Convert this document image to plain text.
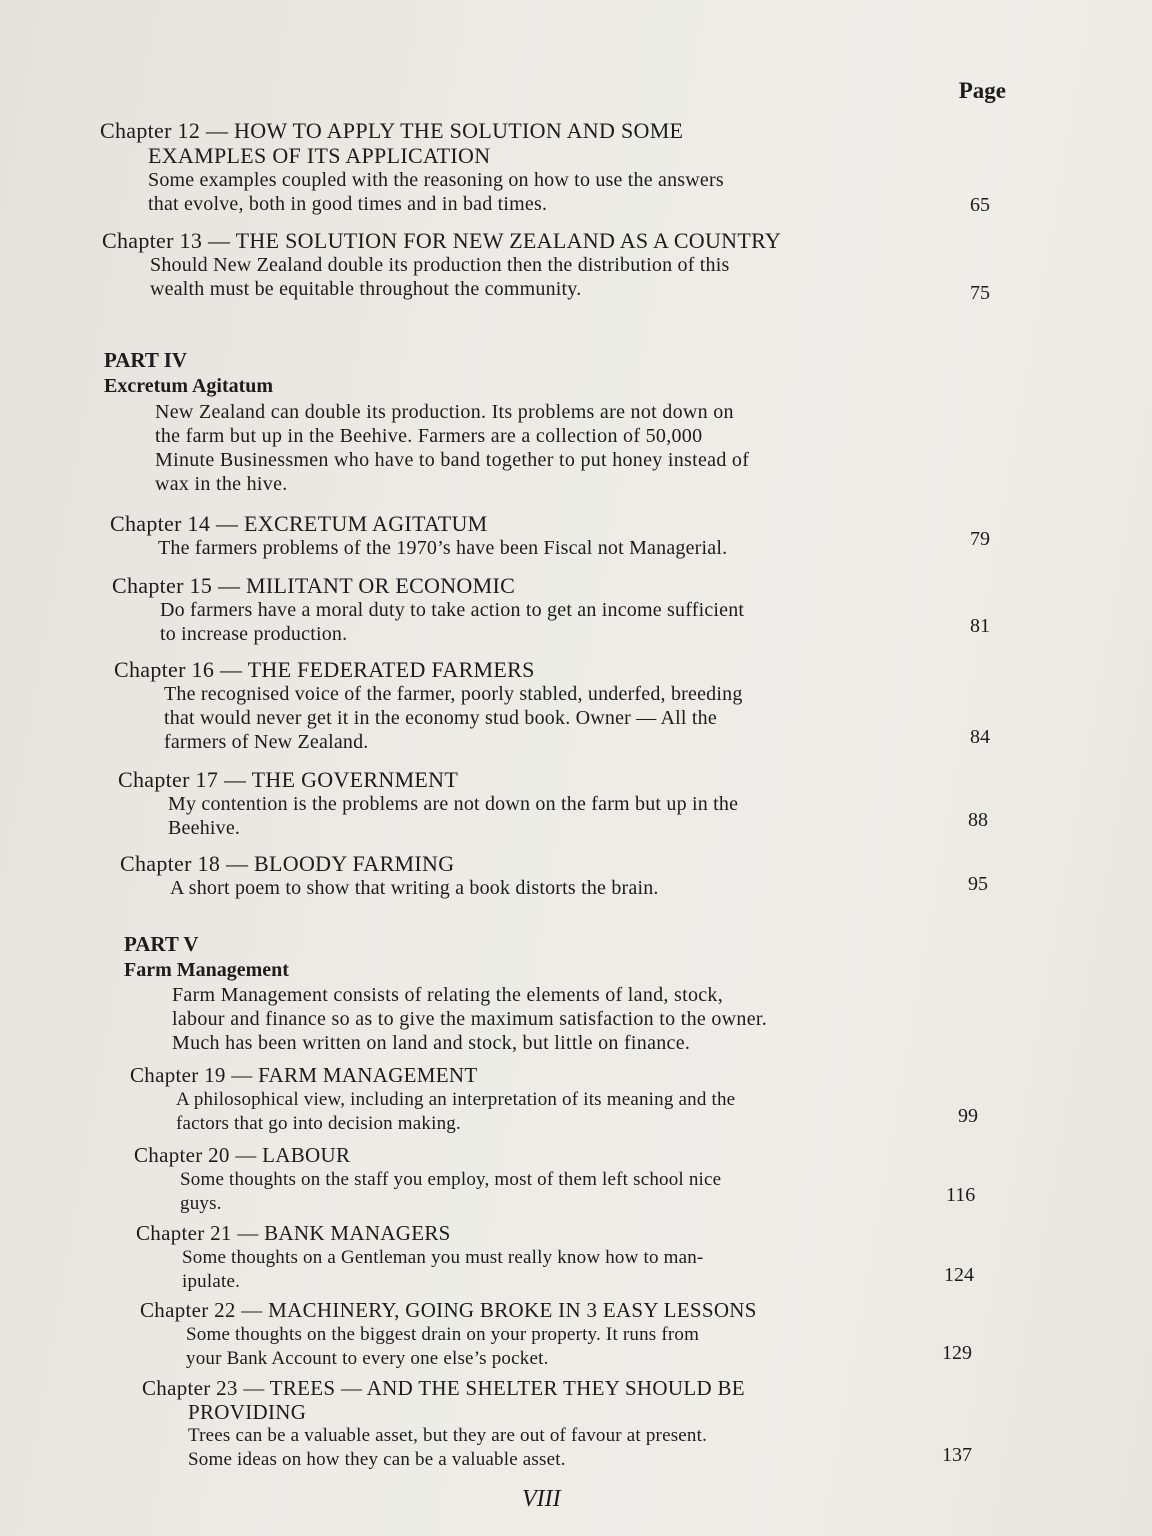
Page
Chapter 12 — HOW TO APPLY THE SOLUTION AND SOME
EXAMPLES OF ITS APPLICATION
Some examples coupled with the reasoning on how to use the answers
that evolve, both in good times and in bad times.	65
Chapter 13 — THE SOLUTION FOR NEW ZEALAND AS A COUNTRY
Should New Zealand double its production then the distribution of this
wealth must be equitable throughout the community.	75
PART IV
Excretum Agitatum
New Zealand can double its production. Its problems are not down on
the farm but up in the Beehive. Farmers are a collection of 50,000
Minute Businessmen who have to band together to put honey instead of
wax in the hive.
Chapter 14 — EXCRETUM AGITATUM
The farmers problems of the 1970’s have been Fiscal not Managerial.	79
Chapter 15 — MILITANT OR ECONOMIC
Do farmers have a moral duty to take action to get an income sufficient
to increase production.	81
Chapter 16 — THE FEDERATED FARMERS
The recognised voice of the farmer, poorly stabled, underfed, breeding
that would never get it in the economy stud book. Owner — All the
farmers of New Zealand.	84
Chapter 17 — THE GOVERNMENT
My contention is the problems are not down on the farm but up in the
Beehive.	88
Chapter 18 — BLOODY FARMING
A short poem to show that writing a book distorts the brain.	95
PART V
Farm Management
Farm Management consists of relating the elements of land, stock,
labour and finance so as to give the maximum satisfaction to the owner.
Much has been written on land and stock, but little on finance.
Chapter 19 — FARM MANAGEMENT
A philosophical view, including an interpretation of its meaning and the
factors that go into decision making.	99
Chapter 20 — LABOUR
Some thoughts on the staff you employ, most of them left school nice
guys.	116
Chapter 21 — BANK MANAGERS
Some thoughts on a Gentleman you must really know how to man-
ipulate.	124
Chapter 22 — MACHINERY, GOING BROKE IN 3 EASY LESSONS
Some thoughts on the biggest drain on your property. It runs from
your Bank Account to every one else’s pocket.	129
Chapter 23 — TREES — AND THE SHELTER THEY SHOULD BE
PROVIDING
Trees can be a valuable asset, but they are out of favour at present.
Some ideas on how they can be a valuable asset.	137
VIII
